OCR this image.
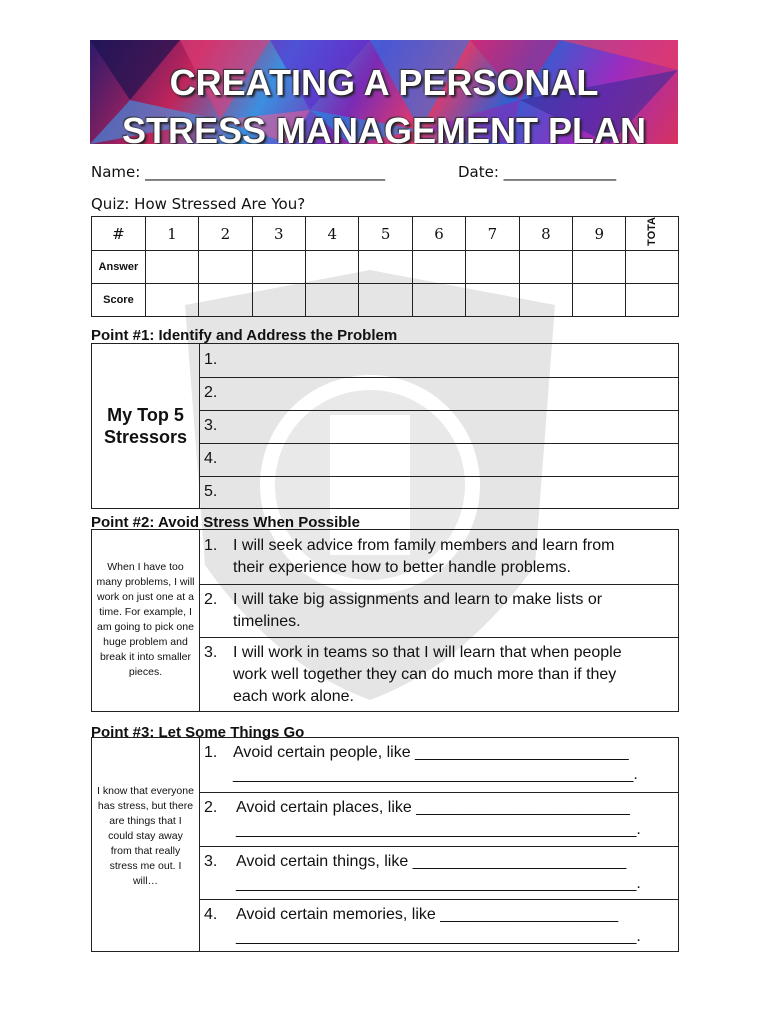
CREATING A PERSONAL
STRESS MANAGEMENT PLAN
Name: ________________________________	Date: _______________
Quiz: How Stressed Are You?
#	1	2	3	4	5	6	7	8	9	TOTA
Answer										
Score										
Point #1: Identify and Address the Problem
My Top 5
Stressors
1.
2.
3.
4.
5.
Point #2: Avoid Stress When Possible
When I have too
many problems, I will
work on just one at a
time. For example, I
am going to pick one
huge problem and
break it into smaller
pieces.
1. I will seek advice from family members and learn from
their experience how to better handle problems.
2. I will take big assignments and learn to make lists or
timelines.
3. I will work in teams so that I will learn that when people
work well together they can do much more than if they
each work alone.
Point #3: Let Some Things Go
I know that everyone
has stress, but there
are things that I
could stay away
from that really
stress me out. I
will…
1. Avoid certain people, like ________________________
_____________________________________________.
2. Avoid certain places, like ________________________
_____________________________________________.
3. Avoid certain things, like ________________________
_____________________________________________.
4. Avoid certain memories, like ____________________
_____________________________________________.
